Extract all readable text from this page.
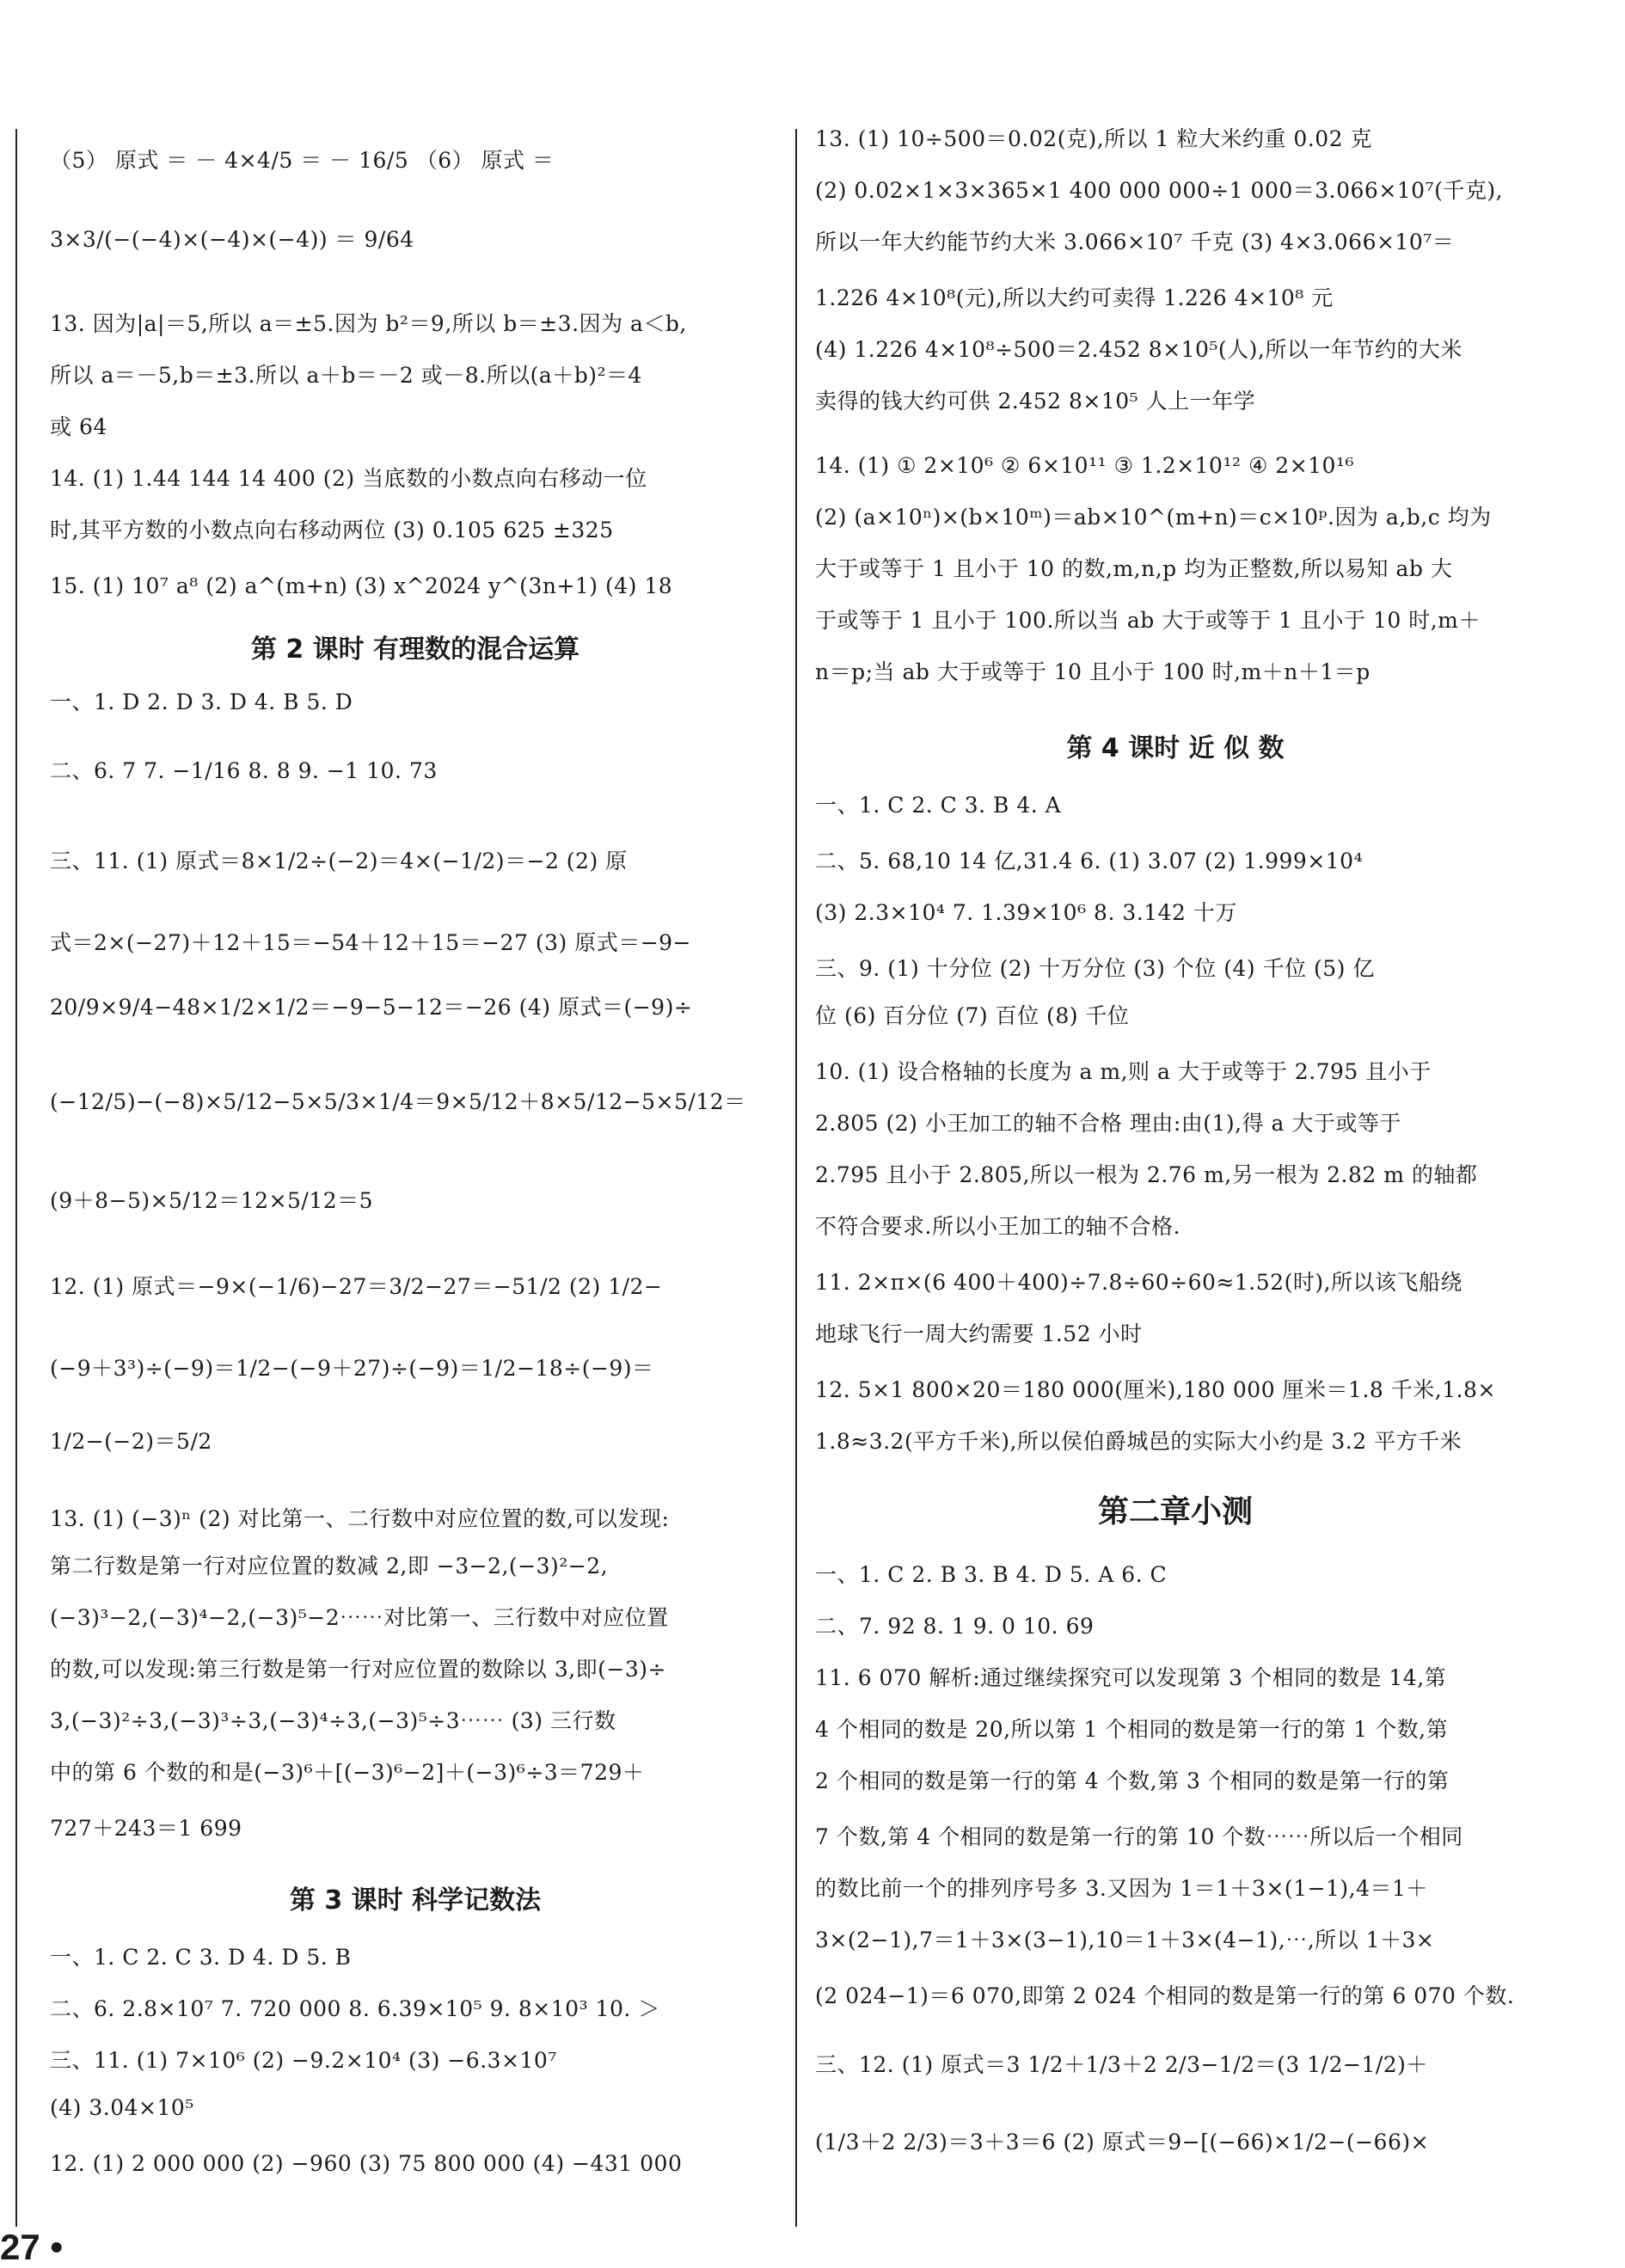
（5） 原式 ＝ － 4×4/5 ＝ － 16/5 （6） 原式 ＝
3×3/(−(−4)×(−4)×(−4)) ＝ 9/64
13. 因为|a|＝5,所以 a＝±5.因为 b²＝9,所以 b＝±3.因为 a＜b,
所以 a＝－5,b＝±3.所以 a＋b＝－2 或－8.所以(a＋b)²＝4
或 64
14. (1) 1.44 144 14 400 (2) 当底数的小数点向右移动一位
时,其平方数的小数点向右移动两位 (3) 0.105 625 ±325
15. (1) 10⁷ a⁸ (2) a^(m+n) (3) x^2024 y^(3n+1) (4) 18
第 2 课时 有理数的混合运算
一、1. D 2. D 3. D 4. B 5. D
二、6. 7 7. −1/16 8. 8 9. −1 10. 73
三、11. (1) 原式＝8×1/2÷(−2)＝4×(−1/2)＝−2 (2) 原
式＝2×(−27)＋12＋15＝−54＋12＋15＝−27 (3) 原式＝−9−
20/9×9/4−48×1/2×1/2＝−9−5−12＝−26 (4) 原式＝(−9)÷
(−12/5)−(−8)×5/12−5×5/3×1/4＝9×5/12＋8×5/12−5×5/12＝
(9＋8−5)×5/12＝12×5/12＝5
12. (1) 原式＝−9×(−1/6)−27＝3/2−27＝−51/2 (2) 1/2−
(−9＋3³)÷(−9)＝1/2−(−9＋27)÷(−9)＝1/2−18÷(−9)＝
1/2−(−2)＝5/2
13. (1) (−3)ⁿ (2) 对比第一、二行数中对应位置的数,可以发现:
第二行数是第一行对应位置的数减 2,即 −3−2,(−3)²−2,
(−3)³−2,(−3)⁴−2,(−3)⁵−2⋯⋯对比第一、三行数中对应位置
的数,可以发现:第三行数是第一行对应位置的数除以 3,即(−3)÷
3,(−3)²÷3,(−3)³÷3,(−3)⁴÷3,(−3)⁵÷3⋯⋯ (3) 三行数
中的第 6 个数的和是(−3)⁶＋[(−3)⁶−2]＋(−3)⁶÷3＝729＋
727＋243＝1 699
第 3 课时 科学记数法
一、1. C 2. C 3. D 4. D 5. B
二、6. 2.8×10⁷ 7. 720 000 8. 6.39×10⁵ 9. 8×10³ 10. ＞
三、11. (1) 7×10⁶ (2) −9.2×10⁴ (3) −6.3×10⁷
(4) 3.04×10⁵
12. (1) 2 000 000 (2) −960 (3) 75 800 000 (4) −431 000
13. (1) 10÷500＝0.02(克),所以 1 粒大米约重 0.02 克
(2) 0.02×1×3×365×1 400 000 000÷1 000＝3.066×10⁷(千克),
所以一年大约能节约大米 3.066×10⁷ 千克 (3) 4×3.066×10⁷＝
1.226 4×10⁸(元),所以大约可卖得 1.226 4×10⁸ 元
(4) 1.226 4×10⁸÷500＝2.452 8×10⁵(人),所以一年节约的大米
卖得的钱大约可供 2.452 8×10⁵ 人上一年学
14. (1) ① 2×10⁶ ② 6×10¹¹ ③ 1.2×10¹² ④ 2×10¹⁶
(2) (a×10ⁿ)×(b×10ᵐ)＝ab×10^(m+n)＝c×10ᵖ.因为 a,b,c 均为
大于或等于 1 且小于 10 的数,m,n,p 均为正整数,所以易知 ab 大
于或等于 1 且小于 100.所以当 ab 大于或等于 1 且小于 10 时,m＋
n＝p;当 ab 大于或等于 10 且小于 100 时,m＋n＋1＝p
第 4 课时 近 似 数
一、1. C 2. C 3. B 4. A
二、5. 68,10 14 亿,31.4 6. (1) 3.07 (2) 1.999×10⁴
(3) 2.3×10⁴ 7. 1.39×10⁶ 8. 3.142 十万
三、9. (1) 十分位 (2) 十万分位 (3) 个位 (4) 千位 (5) 亿
位 (6) 百分位 (7) 百位 (8) 千位
10. (1) 设合格轴的长度为 a m,则 a 大于或等于 2.795 且小于
2.805 (2) 小王加工的轴不合格 理由:由(1),得 a 大于或等于
2.795 且小于 2.805,所以一根为 2.76 m,另一根为 2.82 m 的轴都
不符合要求.所以小王加工的轴不合格.
11. 2×π×(6 400＋400)÷7.8÷60÷60≈1.52(时),所以该飞船绕
地球飞行一周大约需要 1.52 小时
12. 5×1 800×20＝180 000(厘米),180 000 厘米＝1.8 千米,1.8×
1.8≈3.2(平方千米),所以侯伯爵城邑的实际大小约是 3.2 平方千米
第二章小测
一、1. C 2. B 3. B 4. D 5. A 6. C
二、7. 92 8. 1 9. 0 10. 69
11. 6 070 解析:通过继续探究可以发现第 3 个相同的数是 14,第
4 个相同的数是 20,所以第 1 个相同的数是第一行的第 1 个数,第
2 个相同的数是第一行的第 4 个数,第 3 个相同的数是第一行的第
7 个数,第 4 个相同的数是第一行的第 10 个数⋯⋯所以后一个相同
的数比前一个的排列序号多 3.又因为 1＝1＋3×(1−1),4＝1＋
3×(2−1),7＝1＋3×(3−1),10＝1＋3×(4−1),⋯,所以 1＋3×
(2 024−1)＝6 070,即第 2 024 个相同的数是第一行的第 6 070 个数.
三、12. (1) 原式＝3 1/2＋1/3＋2 2/3−1/2＝(3 1/2−1/2)＋
(1/3＋2 2/3)＝3＋3＝6 (2) 原式＝9−[(−66)×1/2−(−66)×
27 •
